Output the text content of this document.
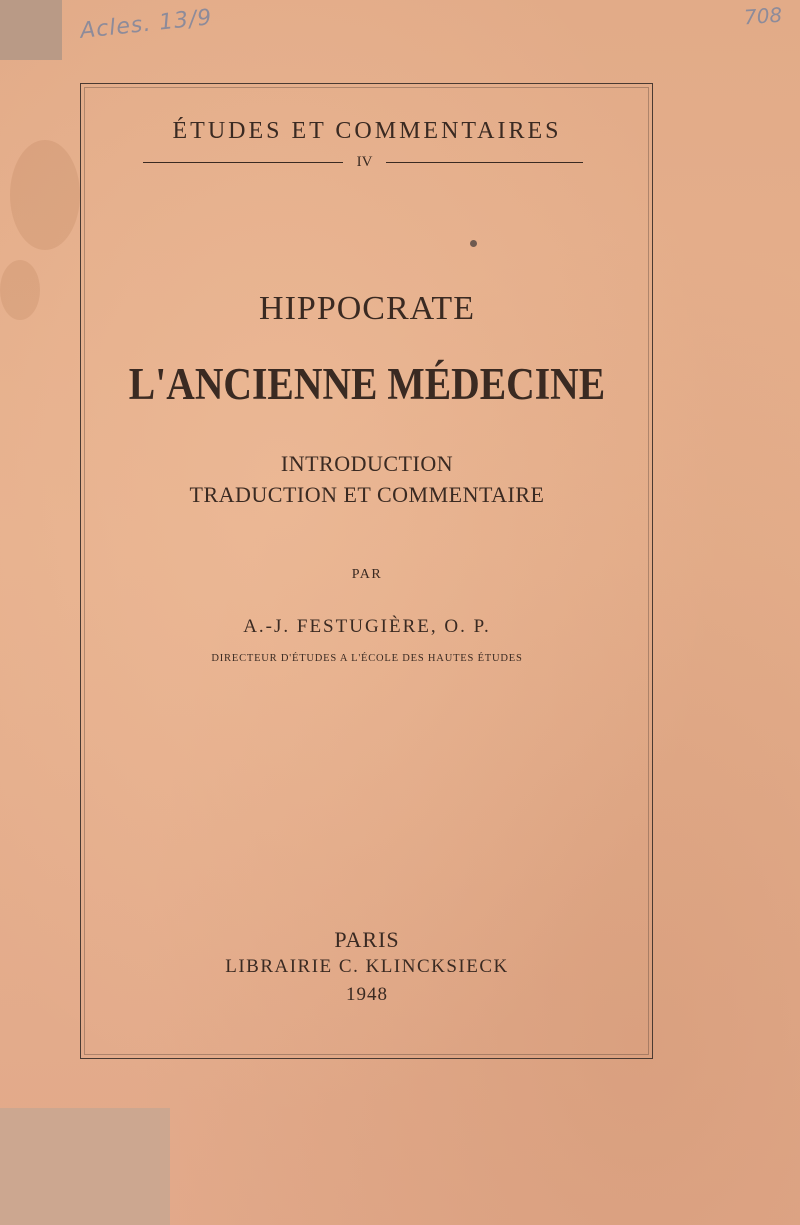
Acles. 13/9	708
ÉTUDES ET COMMENTAIRES
IV
HIPPOCRATE
L'ANCIENNE MÉDECINE
INTRODUCTION
TRADUCTION ET COMMENTAIRE
PAR
A.-J. FESTUGIÈRE, O. P.
DIRECTEUR D'ÉTUDES A L'ÉCOLE DES HAUTES ÉTUDES
PARIS
LIBRAIRIE C. KLINCKSIECK
1948
